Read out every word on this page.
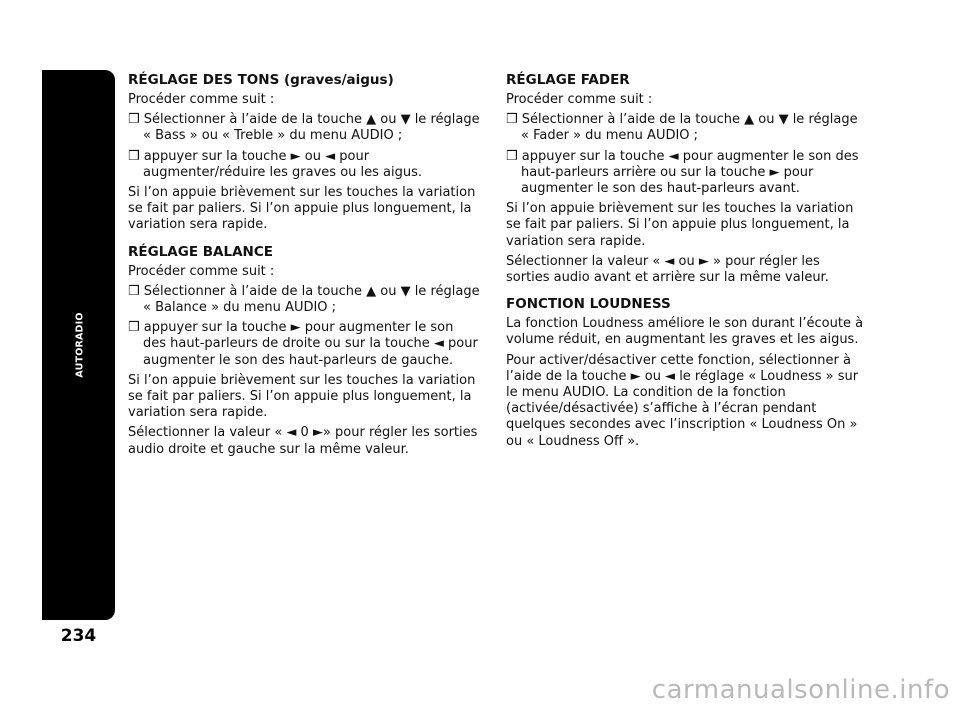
AUTORADIO
234
RÉGLAGE DES TONS (graves/aigus)
Procéder comme suit :
❒ Sélectionner à l’aide de la touche ▲ ou ▼ le réglage « Bass » ou « Treble » du menu AUDIO ;
❒ appuyer sur la touche ► ou ◄ pour augmenter/réduire les graves ou les aigus.
Si l’on appuie brièvement sur les touches la variation se fait par paliers. Si l’on appuie plus longuement, la variation sera rapide.
RÉGLAGE BALANCE
Procéder comme suit :
❒ Sélectionner à l’aide de la touche ▲ ou ▼ le réglage « Balance » du menu AUDIO ;
❒ appuyer sur la touche ► pour augmenter le son des haut-parleurs de droite ou sur la touche ◄ pour augmenter le son des haut-parleurs de gauche.
Si l’on appuie brièvement sur les touches la variation se fait par paliers. Si l’on appuie plus longuement, la variation sera rapide.
Sélectionner la valeur « ◄ 0 ►» pour régler les sorties audio droite et gauche sur la même valeur.
RÉGLAGE FADER
Procéder comme suit :
❒ Sélectionner à l’aide de la touche ▲ ou ▼ le réglage « Fader » du menu AUDIO ;
❒ appuyer sur la touche ◄ pour augmenter le son des haut-parleurs arrière ou sur la touche ► pour augmenter le son des haut-parleurs avant.
Si l’on appuie brièvement sur les touches la variation se fait par paliers. Si l’on appuie plus longuement, la variation sera rapide.
Sélectionner la valeur « ◄ ou ► » pour régler les sorties audio avant et arrière sur la même valeur.
FONCTION LOUDNESS
La fonction Loudness améliore le son durant l’écoute à volume réduit, en augmentant les graves et les aigus.
Pour activer/désactiver cette fonction, sélectionner à l’aide de la touche ► ou ◄ le réglage « Loudness » sur le menu AUDIO. La condition de la fonction (activée/désactivée) s’affiche à l’écran pendant quelques secondes avec l’inscription « Loudness On » ou « Loudness Off ».
carmanualsonline.info
